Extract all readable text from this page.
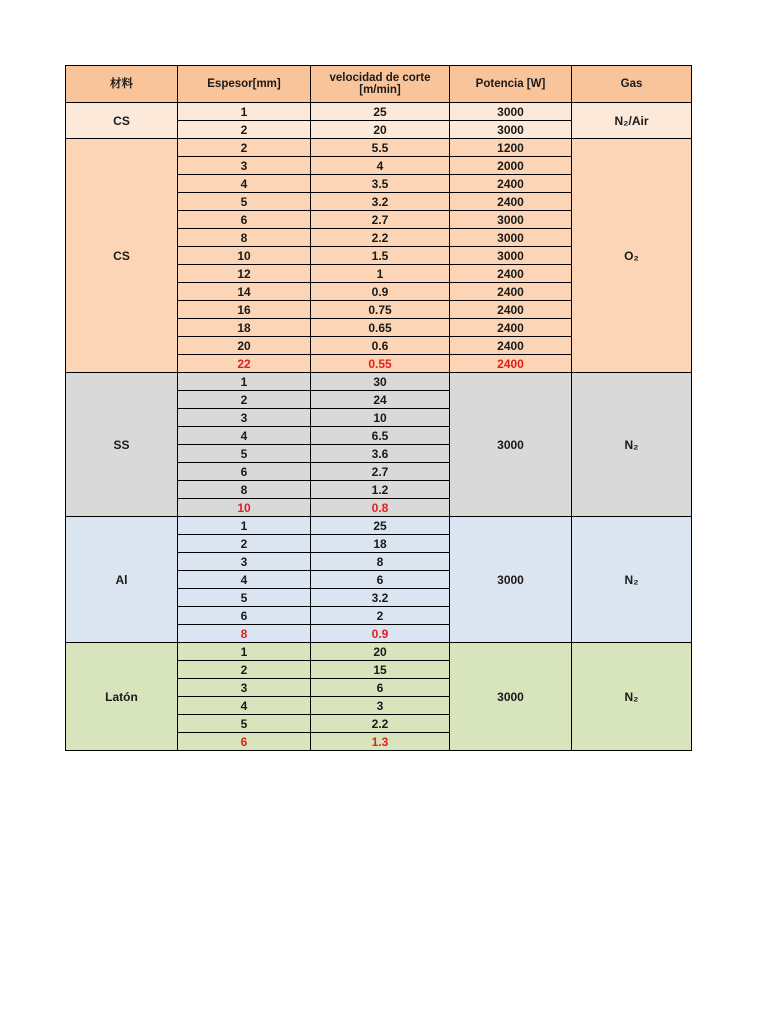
材料	Espesor[mm]	velocidad de corte
[m/min]	Potencia [W]	Gas
CS	1	25	3000	N₂/Air
	2	20	3000	
CS	2	5.5	1200	O₂
	3	4	2000	
	4	3.5	2400	
	5	3.2	2400	
	6	2.7	3000	
	8	2.2	3000	
	10	1.5	3000	
	12	1	2400	
	14	0.9	2400	
	16	0.75	2400	
	18	0.65	2400	
	20	0.6	2400	
	22	0.55	2400	
SS	1	30	3000	N₂
	2	24		
	3	10		
	4	6.5		
	5	3.6		
	6	2.7		
	8	1.2		
	10	0.8		
Al	1	25	3000	N₂
	2	18		
	3	8		
	4	6		
	5	3.2		
	6	2		
	8	0.9		
Latón	1	20	3000	N₂
	2	15		
	3	6		
	4	3		
	5	2.2		
	6	1.3		
